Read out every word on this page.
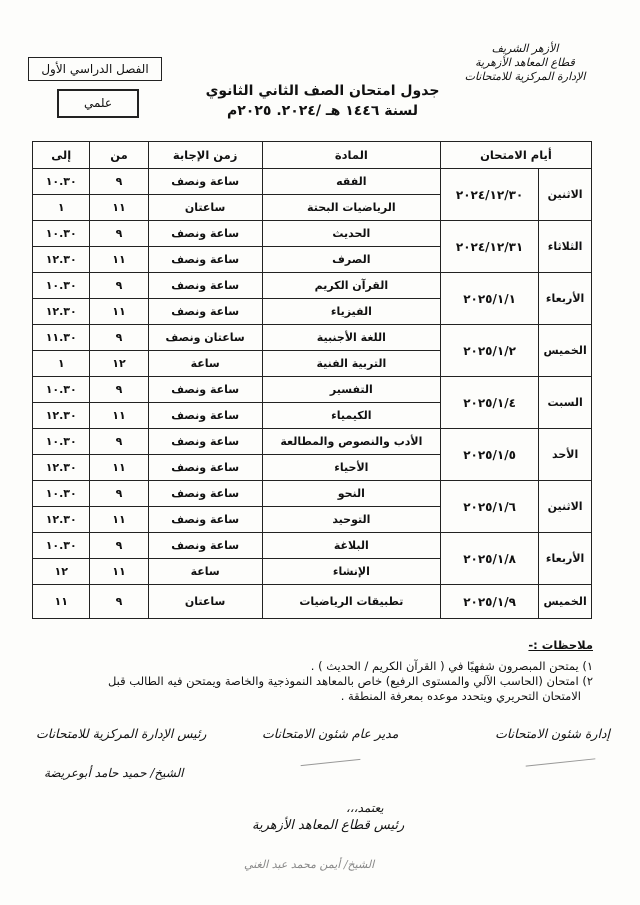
الأزهر الشريف
قطاع المعاهد الأزهرية
الإدارة المركزية للامتحانات
الفصل الدراسي الأول
علمي
جدول امتحان الصف الثاني الثانوي
لسنة ١٤٤٦ هـ /٢٠٢٤. ٢٠٢٥م
أيام الامتحان		المادة	زمن الإجابة	من	إلى
الاثنين	٢٠٢٤/١٢/٣٠	الفقه	ساعة ونصف	٩	١٠.٣٠
		الرياضيات البحتة	ساعتان	١١	١
الثلاثاء	٢٠٢٤/١٢/٣١	الحديث	ساعة ونصف	٩	١٠.٣٠
		الصرف	ساعة ونصف	١١	١٢.٣٠
الأربعاء	٢٠٢٥/١/١	القرآن الكريم	ساعة ونصف	٩	١٠.٣٠
		الفيزياء	ساعة ونصف	١١	١٢.٣٠
الخميس	٢٠٢٥/١/٢	اللغة الأجنبية	ساعتان ونصف	٩	١١.٣٠
		التربية الفنية	ساعة	١٢	١
السبت	٢٠٢٥/١/٤	التفسير	ساعة ونصف	٩	١٠.٣٠
		الكيمياء	ساعة ونصف	١١	١٢.٣٠
الأحد	٢٠٢٥/١/٥	الأدب والنصوص والمطالعة	ساعة ونصف	٩	١٠.٣٠
		الأحياء	ساعة ونصف	١١	١٢.٣٠
الاثنين	٢٠٢٥/١/٦	النحو	ساعة ونصف	٩	١٠.٣٠
		التوحيد	ساعة ونصف	١١	١٢.٣٠
الأربعاء	٢٠٢٥/١/٨	البلاغة	ساعة ونصف	٩	١٠.٣٠
		الإنشاء	ساعة	١١	١٢
الخميس	٢٠٢٥/١/٩	تطبيقات الرياضيات	ساعتان	٩	١١
ملاحظات :-
١) يمتحن المبصرون شفهيًا في ( القرآن الكريم / الحديث ) .
٢) امتحان (الحاسب الآلي والمستوى الرفيع) خاص بالمعاهد النموذجية والخاصة ويمتحن فيه الطالب قبل
الامتحان التحريري ويتحدد موعده بمعرفة المنطقة .
إدارة شئون الامتحانات
مدير عام شئون الامتحانات
رئيس الإدارة المركزية للامتحانات
الشيخ/ حميد حامد أبوعريضة
يعتمد،،،
رئيس قطاع المعاهد الأزهرية
الشيخ/ أيمن محمد عبد الغني
